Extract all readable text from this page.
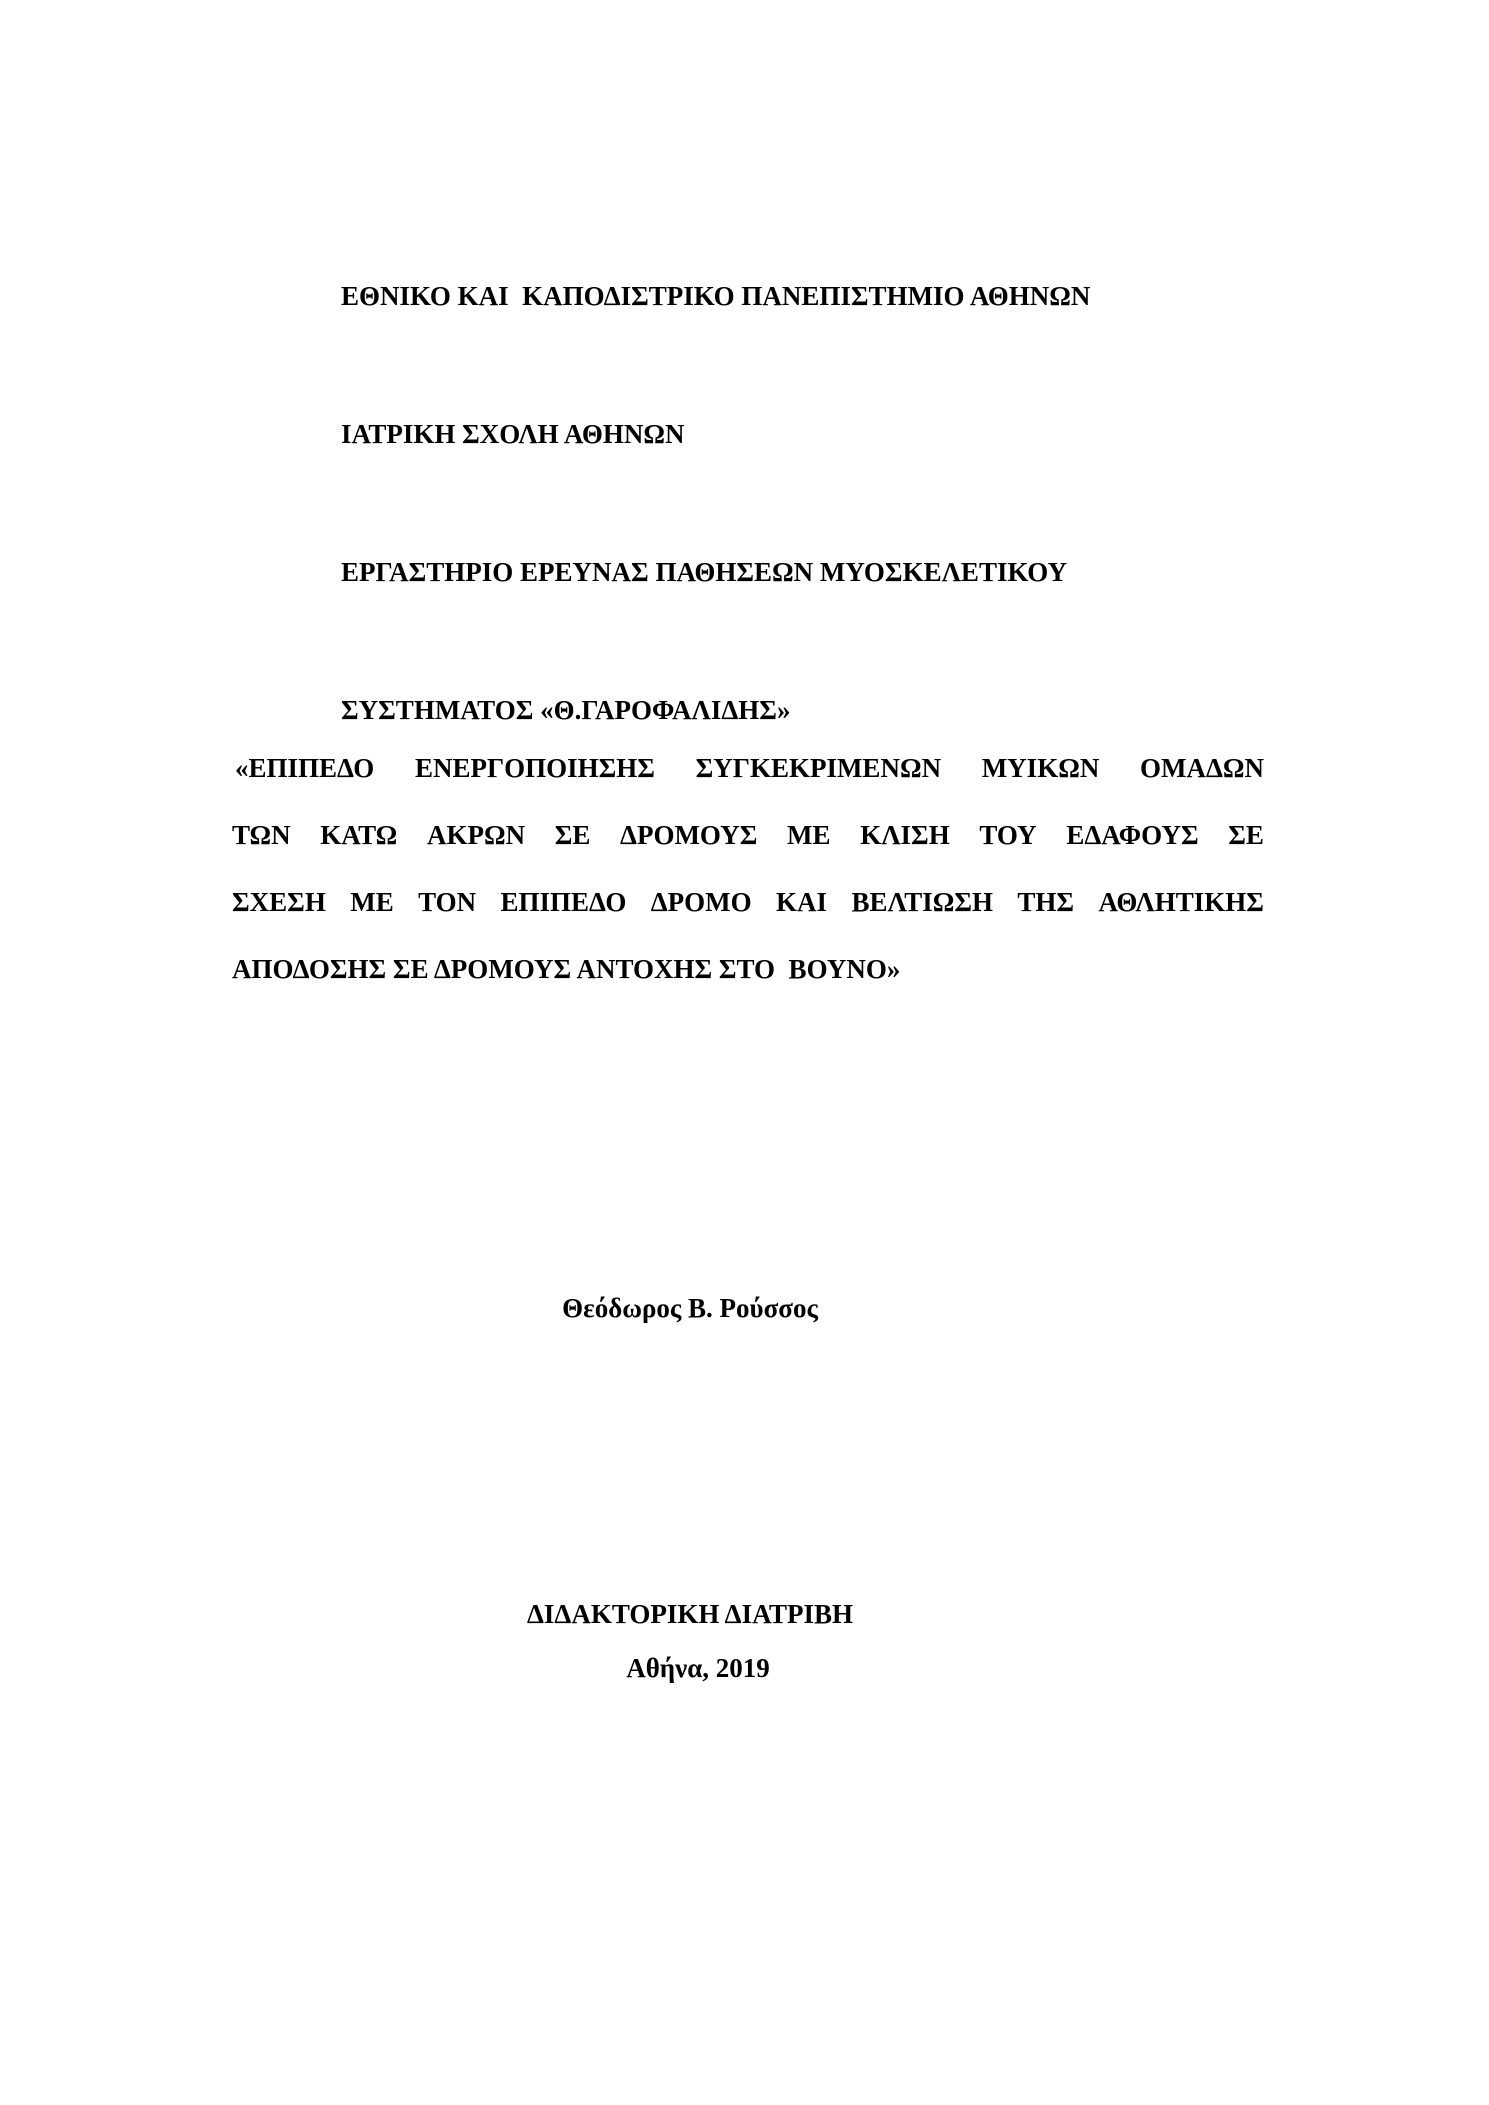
ΕΘΝΙΚΟ ΚΑΙ  ΚΑΠΟΔΙΣΤΡΙΚΟ ΠΑΝΕΠΙΣΤΗΜΙΟ ΑΘΗΝΩΝ

ΙΑΤΡΙΚΗ ΣΧΟΛΗ ΑΘΗΝΩΝ

ΕΡΓΑΣΤΗΡΙΟ ΕΡΕΥΝΑΣ ΠΑΘΗΣΕΩΝ ΜΥΟΣΚΕΛΕΤΙΚΟΥ

ΣΥΣΤΗΜΑΤΟΣ «Θ.ΓΑΡΟΦΑΛΙΔΗΣ»

«ΕΠΙΠΕΔΟ ΕΝΕΡΓΟΠΟΙΗΣΗΣ ΣΥΓΚΕΚΡΙΜΕΝΩΝ ΜΥΙΚΩΝ ΟΜΑΔΩΝ
ΤΩΝ ΚΑΤΩ ΑΚΡΩΝ ΣΕ ΔΡΟΜΟΥΣ ΜΕ ΚΛΙΣΗ ΤΟΥ ΕΔΑΦΟΥΣ ΣΕ
ΣΧΕΣΗ ΜΕ ΤΟΝ ΕΠΙΠΕΔΟ ΔΡΟΜΟ ΚΑΙ ΒΕΛΤΙΩΣΗ ΤΗΣ ΑΘΛΗΤΙΚΗΣ
ΑΠΟΔΟΣΗΣ ΣΕ ΔΡΟΜΟΥΣ ΑΝΤΟΧΗΣ ΣΤΟ  ΒΟΥΝΟ»
Θεόδωρος Β. Ρούσσος
ΔΙΔΑΚΤΟΡΙΚΗ ΔΙΑΤΡΙΒΗ
Αθήνα, 2019
